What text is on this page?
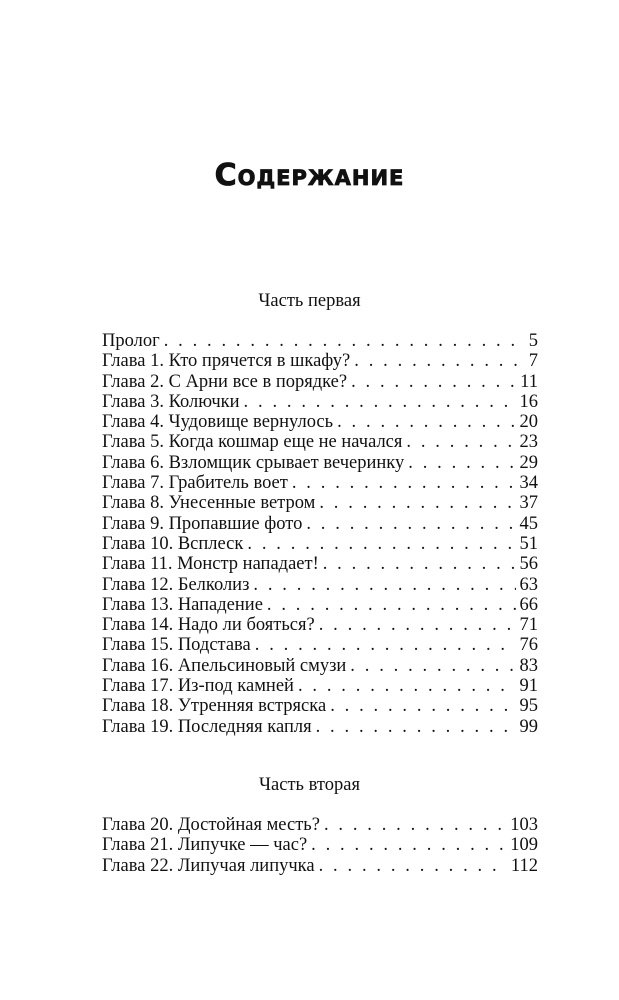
Содержание
Часть первая
Пролог . . .	5
Глава 1. Кто прячется в шкафу? . . .	7
Глава 2. С Арни все в порядке? . . .	11
Глава 3. Колючки . . .	16
Глава 4. Чудовище вернулось . . .	20
Глава 5. Когда кошмар еще не начался . . .	23
Глава 6. Взломщик срывает вечеринку . . .	29
Глава 7. Грабитель воет . . .	34
Глава 8. Унесенные ветром . . .	37
Глава 9. Пропавшие фото . . .	45
Глава 10. Всплеск . . .	51
Глава 11. Монстр нападает! . . .	56
Глава 12. Белколиз . . .	63
Глава 13. Нападение . . .	66
Глава 14. Надо ли бояться? . . .	71
Глава 15. Подстава . . .	76
Глава 16. Апельсиновый смузи . . .	83
Глава 17. Из-под камней . . .	91
Глава 18. Утренняя встряска . . .	95
Глава 19. Последняя капля . . .	99
Часть вторая
Глава 20. Достойная месть? . . .	103
Глава 21. Липучке — час? . . .	109
Глава 22. Липучая липучка . . .	112
